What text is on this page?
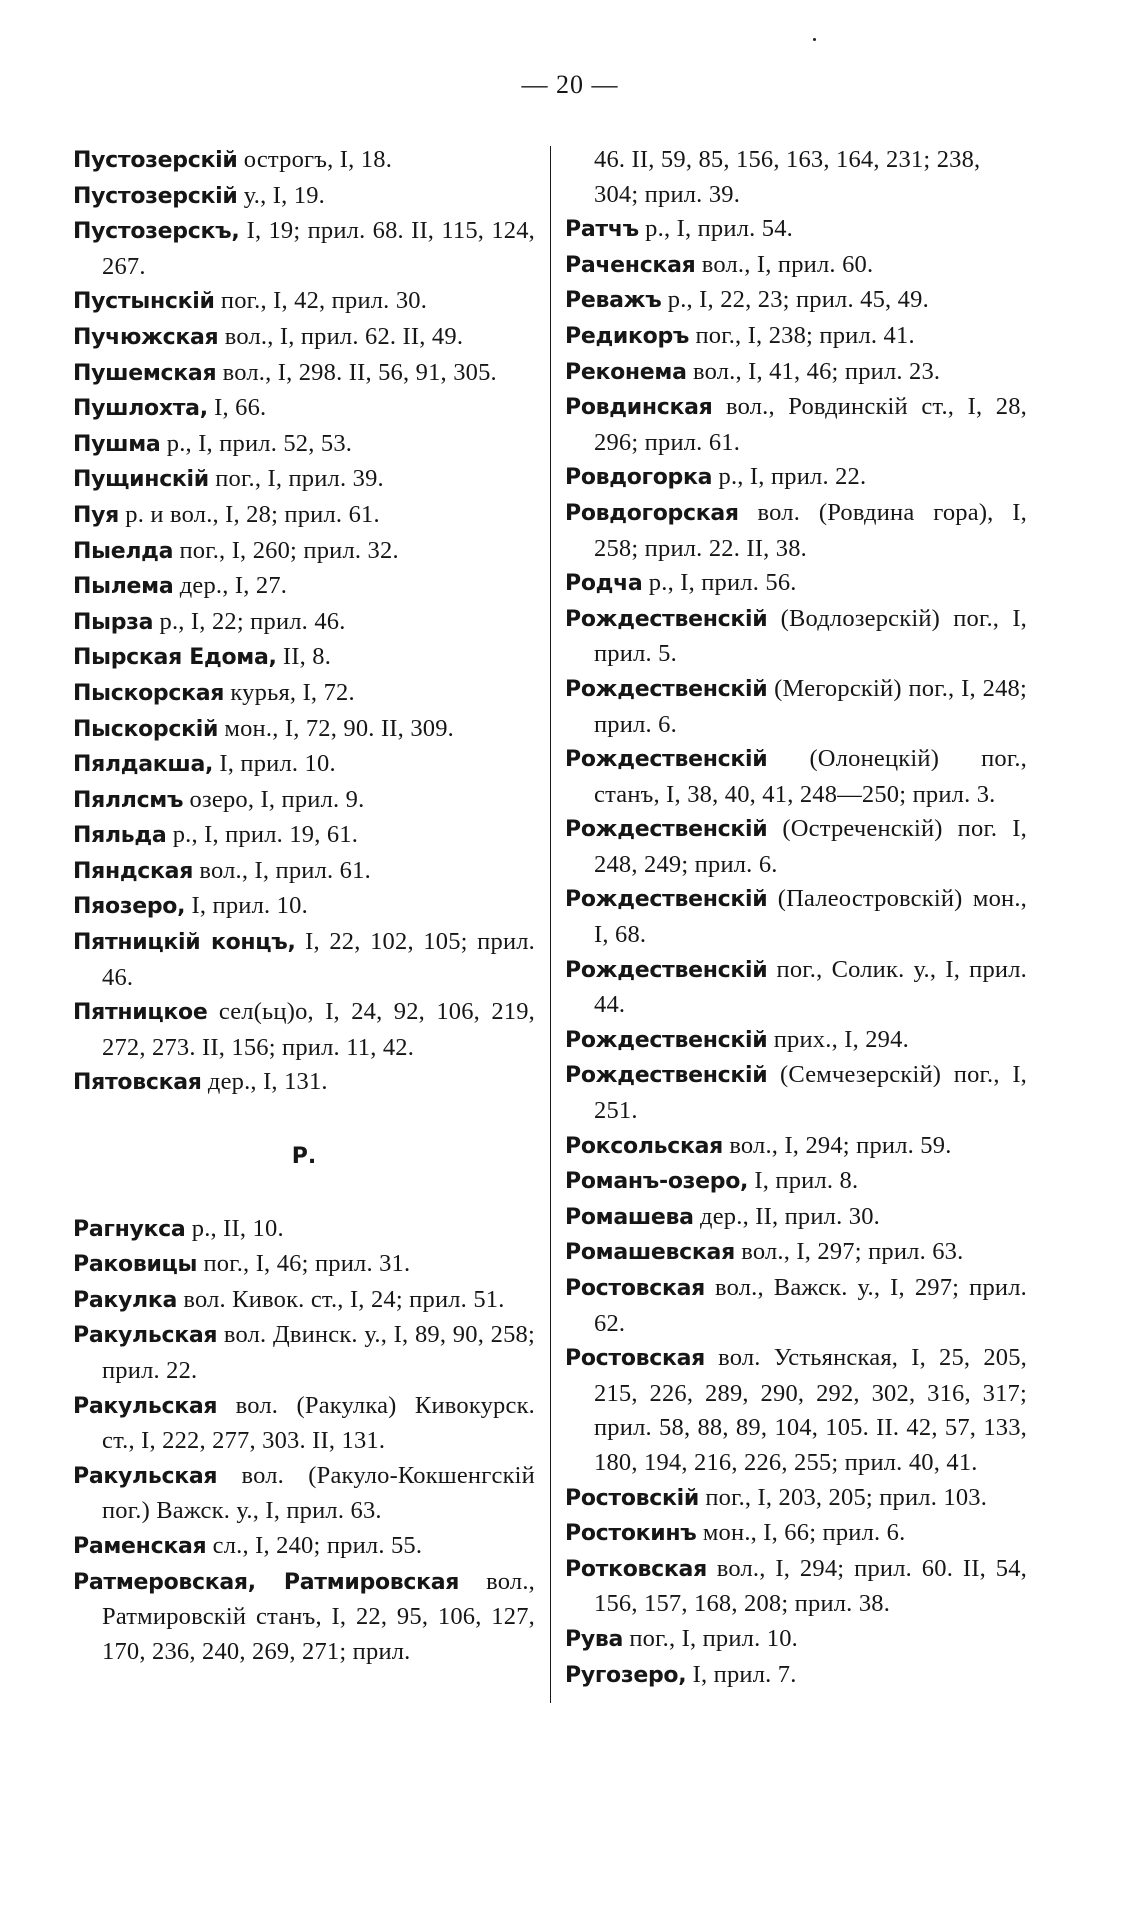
— 20 —
Пустозерскій острогъ, I, 18.
Пустозерскій у., I, 19.
Пустозерскъ, I, 19; прил. 68. II, 115, 124, 267.
Пустынскій пог., I, 42, прил. 30.
Пучюжская вол., I, прил. 62. II, 49.
Пушемская вол., I, 298. II, 56, 91, 305.
Пушлохта, I, 66.
Пушма р., I, прил. 52, 53.
Пущинскій пог., I, прил. 39.
Пуя р. и вол., I, 28; прил. 61.
Пыелда пог., I, 260; прил. 32.
Пылема дер., I, 27.
Пырза р., I, 22; прил. 46.
Пырская Едома, II, 8.
Пыскорская курья, I, 72.
Пыскорскій мон., I, 72, 90. II, 309.
Пялдакша, I, прил. 10.
Пяллсмъ озеро, I, прил. 9.
Пяльда р., I, прил. 19, 61.
Пяндская вол., I, прил. 61.
Пяозеро, I, прил. 10.
Пятницкій концъ, I, 22, 102, 105; прил. 46.
Пятницкое сел(ьц)о, I, 24, 92, 106, 219, 272, 273. II, 156; прил. 11, 42.
Пятовская дер., I, 131.
Р.
Рагнукса р., II, 10.
Раковицы пог., I, 46; прил. 31.
Ракулка вол. Кивок. ст., I, 24; прил. 51.
Ракульская вол. Двинск. у., I, 89, 90, 258; прил. 22.
Ракульская вол. (Ракулка) Кивокурск. ст., I, 222, 277, 303. II, 131.
Ракульская вол. (Ракуло-Кокшенгскій пог.) Важск. у., I, прил. 63.
Раменская сл., I, 240; прил. 55.
Ратмеровская, Ратмировская вол., Ратмировскій станъ, I, 22, 95, 106, 127, 170, 236, 240, 269, 271; прил.
46. II, 59, 85, 156, 163, 164, 231; 238, 304; прил. 39.
Ратчъ р., I, прил. 54.
Раченская вол., I, прил. 60.
Реважъ р., I, 22, 23; прил. 45, 49.
Редикоръ пог., I, 238; прил. 41.
Реконема вол., I, 41, 46; прил. 23.
Ровдинская вол., Ровдинскій ст., I, 28, 296; прил. 61.
Ровдогорка р., I, прил. 22.
Ровдогорская вол. (Ровдина гора), I, 258; прил. 22. II, 38.
Родча р., I, прил. 56.
Рождественскій (Водлозерскій) пог., I, прил. 5.
Рождественскій (Мегорскій) пог., I, 248; прил. 6.
Рождественскій (Олонецкій) пог., станъ, I, 38, 40, 41, 248—250; прил. 3.
Рождественскій (Остреченскій) пог. I, 248, 249; прил. 6.
Рождественскій (Палеостровскій) мон., I, 68.
Рождественскій пог., Солик. у., I, прил. 44.
Рождественскій прих., I, 294.
Рождественскій (Семчезерскій) пог., I, 251.
Роксольская вол., I, 294; прил. 59.
Романъ-озеро, I, прил. 8.
Ромашева дер., II, прил. 30.
Ромашевская вол., I, 297; прил. 63.
Ростовская вол., Важск. у., I, 297; прил. 62.
Ростовская вол. Устьянская, I, 25, 205, 215, 226, 289, 290, 292, 302, 316, 317; прил. 58, 88, 89, 104, 105. II. 42, 57, 133, 180, 194, 216, 226, 255; прил. 40, 41.
Ростовскій пог., I, 203, 205; прил. 103.
Ростокинъ мон., I, 66; прил. 6.
Ротковская вол., I, 294; прил. 60. II, 54, 156, 157, 168, 208; прил. 38.
Рува пог., I, прил. 10.
Ругозеро, I, прил. 7.
